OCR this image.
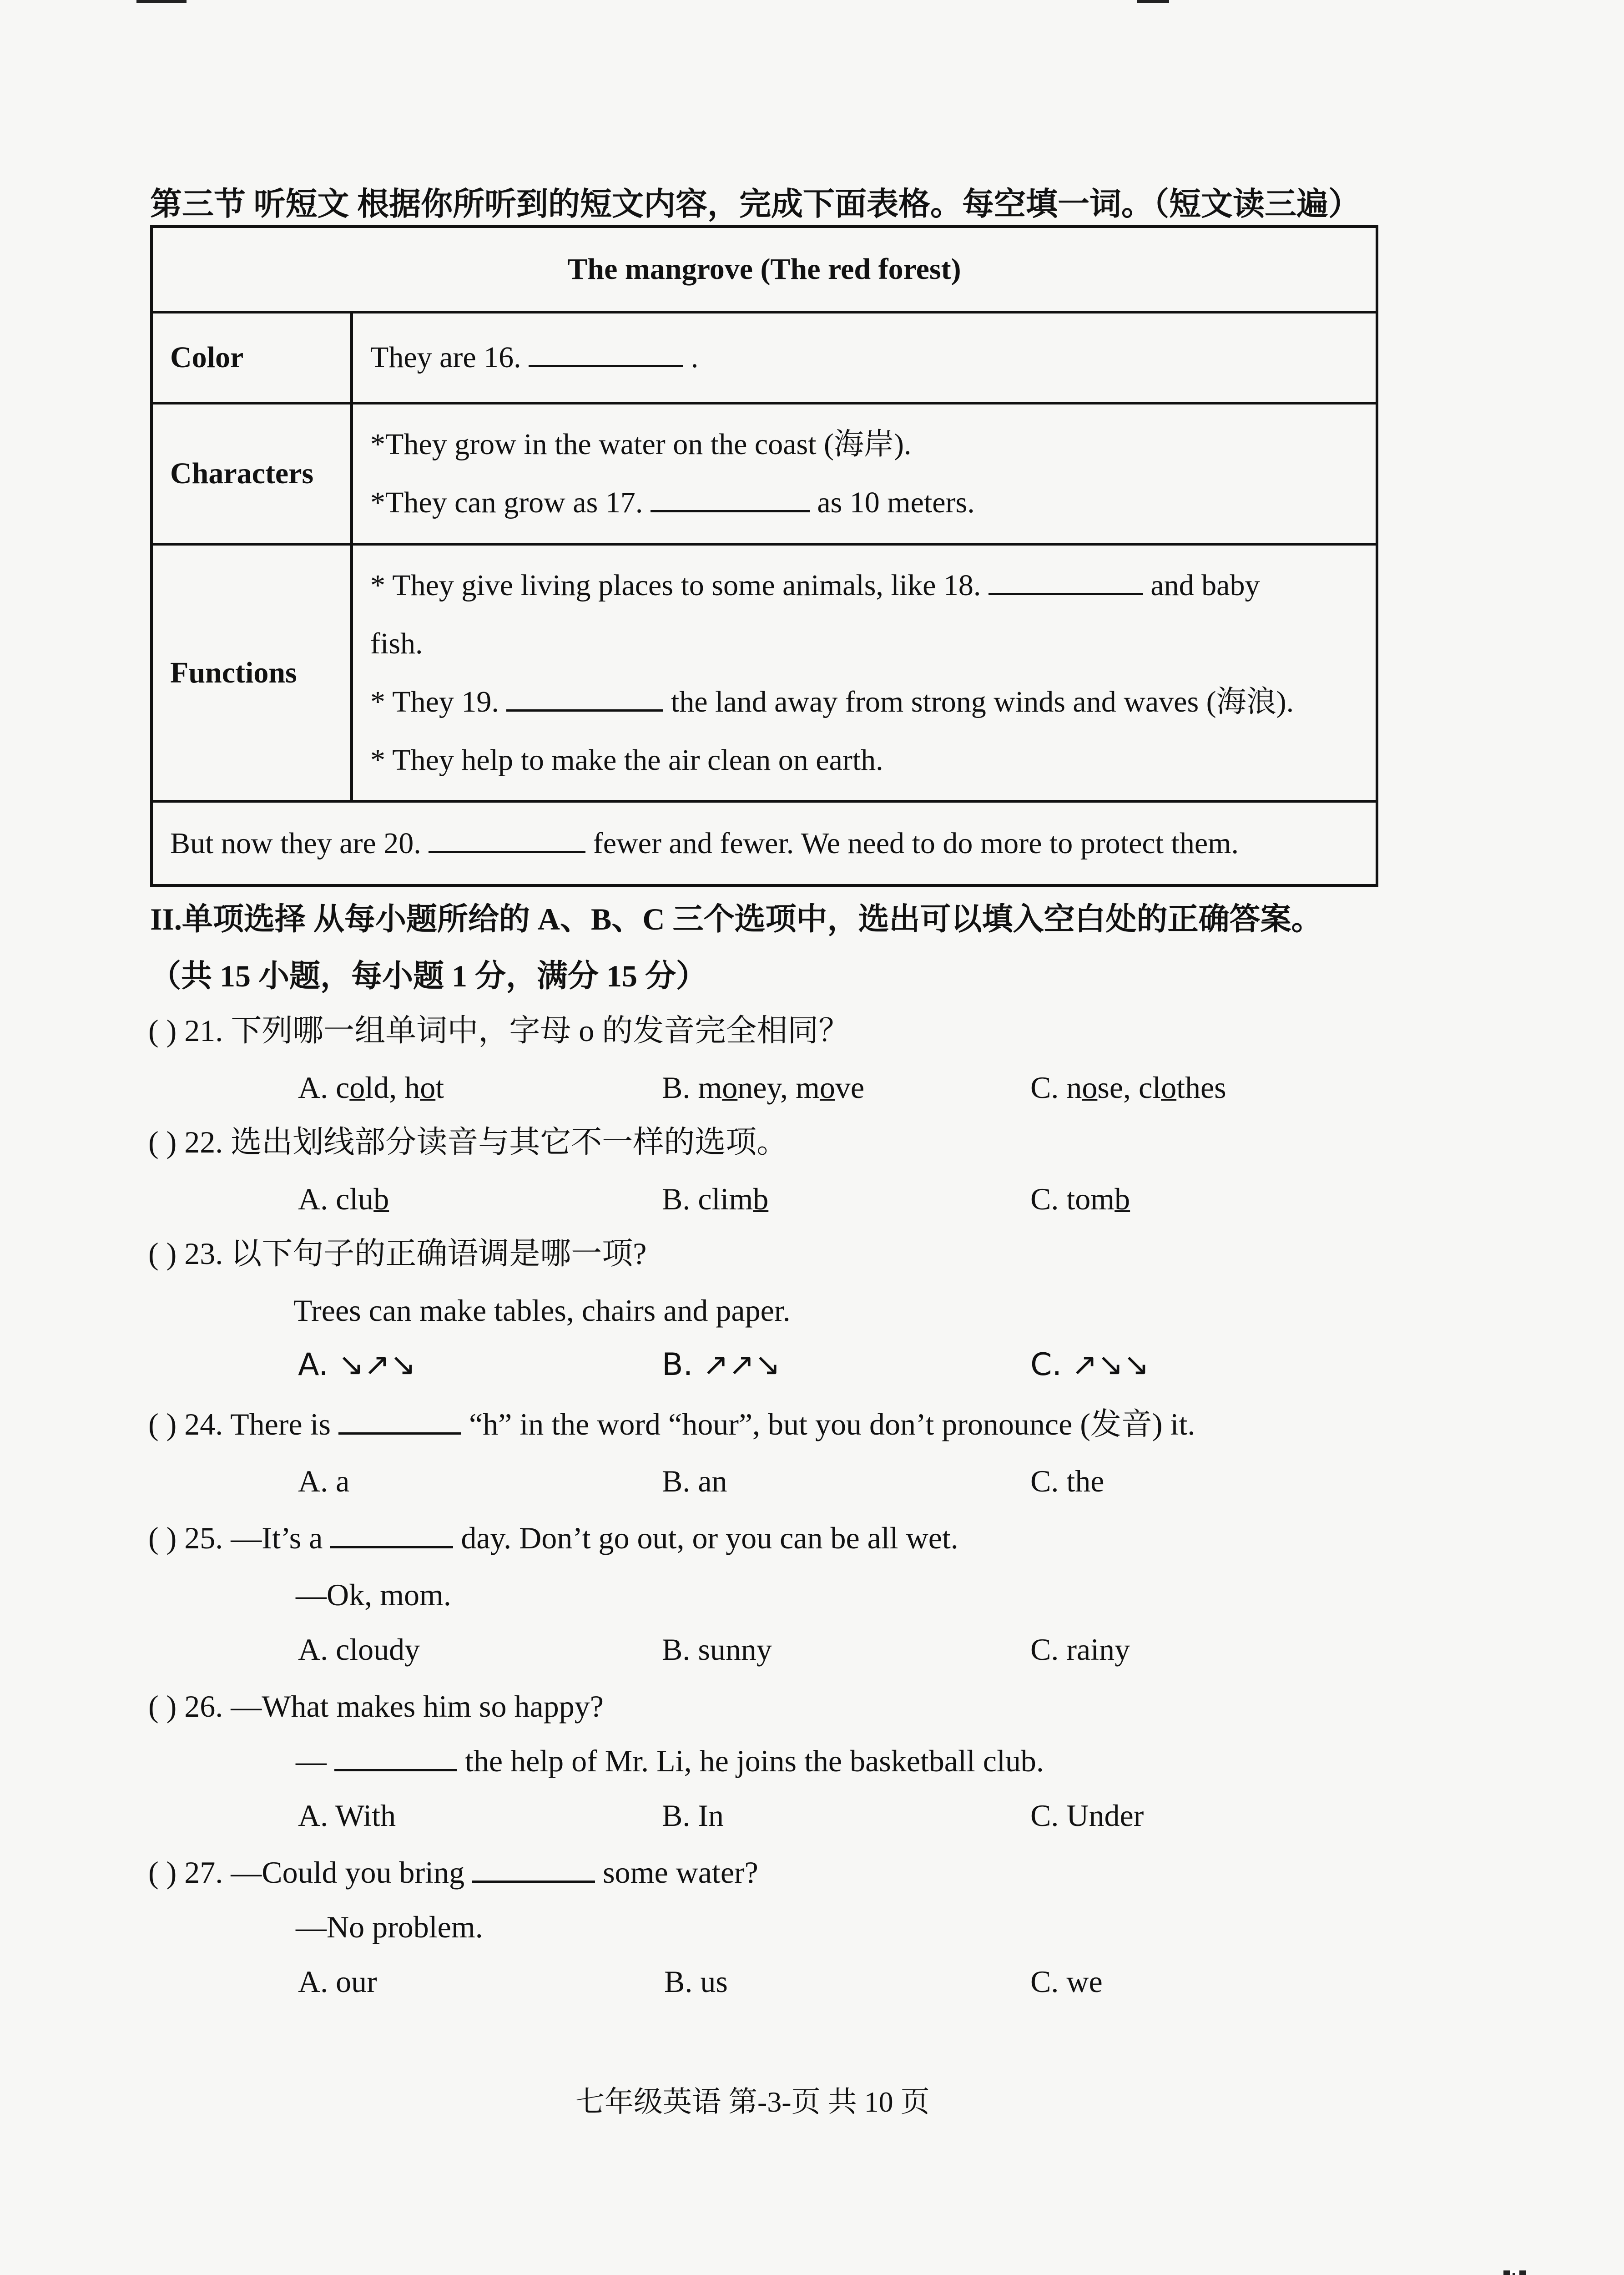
第三节 听短文 根据你所听到的短文内容，完成下面表格。每空填一词。（短文读三遍）
The mangrove (The red forest)	
Color	They are 16. .
Characters	*They grow in the water on the coast (海岸).
*They can grow as 17. as 10 meters.

Functions	* They give living places to some animals, like 18. and baby
fish.
* They 19. the land away from strong winds and waves (海浪).
* They help to make the air clean on earth.

But now they are 20. fewer and fewer. We need to do more to protect them.	
II.单项选择 从每小题所给的 A、B、C 三个选项中，选出可以填入空白处的正确答案。
（共 15 小题，每小题 1 分，满分 15 分）
( ) 21. 下列哪一组单词中，字母 o 的发音完全相同？
A. cold, hot	B. money, move	C. nose, clothes
( ) 22. 选出划线部分读音与其它不一样的选项。
A. club	B. climb	C. tomb
( ) 23. 以下句子的正确语调是哪一项?
Trees can make tables, chairs and paper.
A. ↘↗↘	B. ↗↗↘	C. ↗↘↘
( ) 24. There is	“h” in the word “hour”, but you don’t pronounce (发音) it.
A. a	B. an	C. the
( ) 25. —It’s a	day. Don’t go out, or you can be all wet.
—Ok, mom.
A. cloudy	B. sunny	C. rainy
( ) 26. —What makes him so happy?
—	the help of Mr. Li, he joins the basketball club.
A. With	B. In	C. Under
( ) 27. —Could you bring	some water?
—No problem.
A. our	B. us	C. we
七年级英语 第-3-页 共 10 页
